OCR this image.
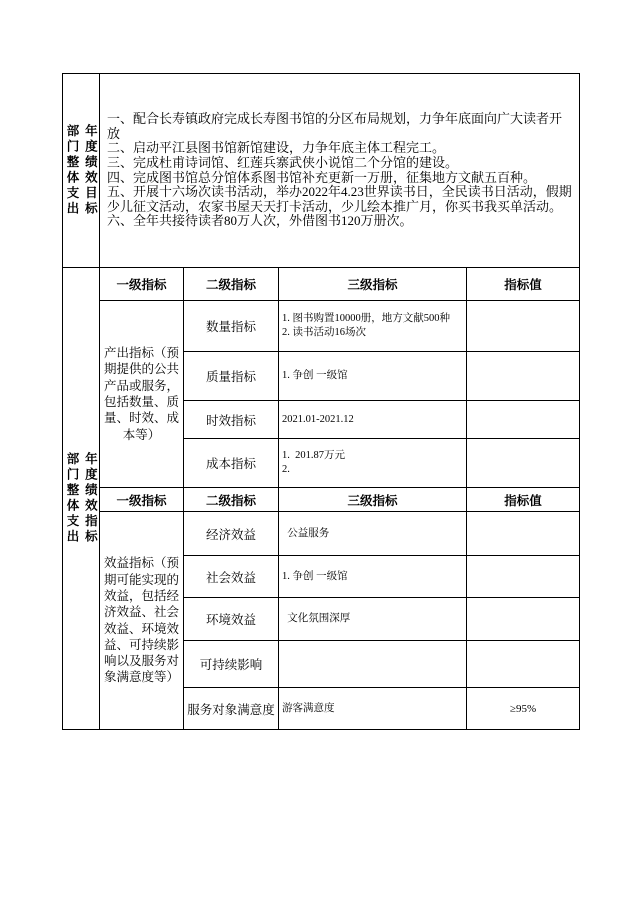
部门整体支出 年度绩效目标

一、配合长寿镇政府完成长寿图书馆的分区布局规划，力争年底面向广大读者开放
二、启动平江县图书馆新馆建设，力争年底主体工程完工。
三、完成杜甫诗词馆、红莲兵寨武侠小说馆二个分馆的建设。
四、完成图书馆总分馆体系图书馆补充更新一万册，征集地方文献五百种。
五、开展十六场次读书活动，举办2022年4.23世界读书日，全民读书日活动，假期少儿征文活动，农家书屋天天打卡活动，少儿绘本推广月，你买书我买单活动。
六、全年共接待读者80万人次，外借图书120万册次。

部门整体支出 年度绩效指标	一级指标	二级指标	三级指标	指标值
	产出指标（预期提供的公共产品或服务，包括数量、质量、时效、成本等）	数量指标	1. 图书购置10000册，地方文献500种
2. 读书活动16场次	

		质量指标	1. 争创 一级馆	

		时效指标	2021.01-2021.12	

		成本指标	1.  201.87万元
2.	

	一级指标	二级指标	三级指标	指标值
	效益指标（预期可能实现的效益，包括经济效益、社会效益、环境效益、可持续影响以及服务对象满意度等）	经济效益	公益服务	

		社会效益	1. 争创 一级馆	

		环境效益	文化氛围深厚	

		可持续影响		
		服务对象满意度	游客满意度	≥95%
